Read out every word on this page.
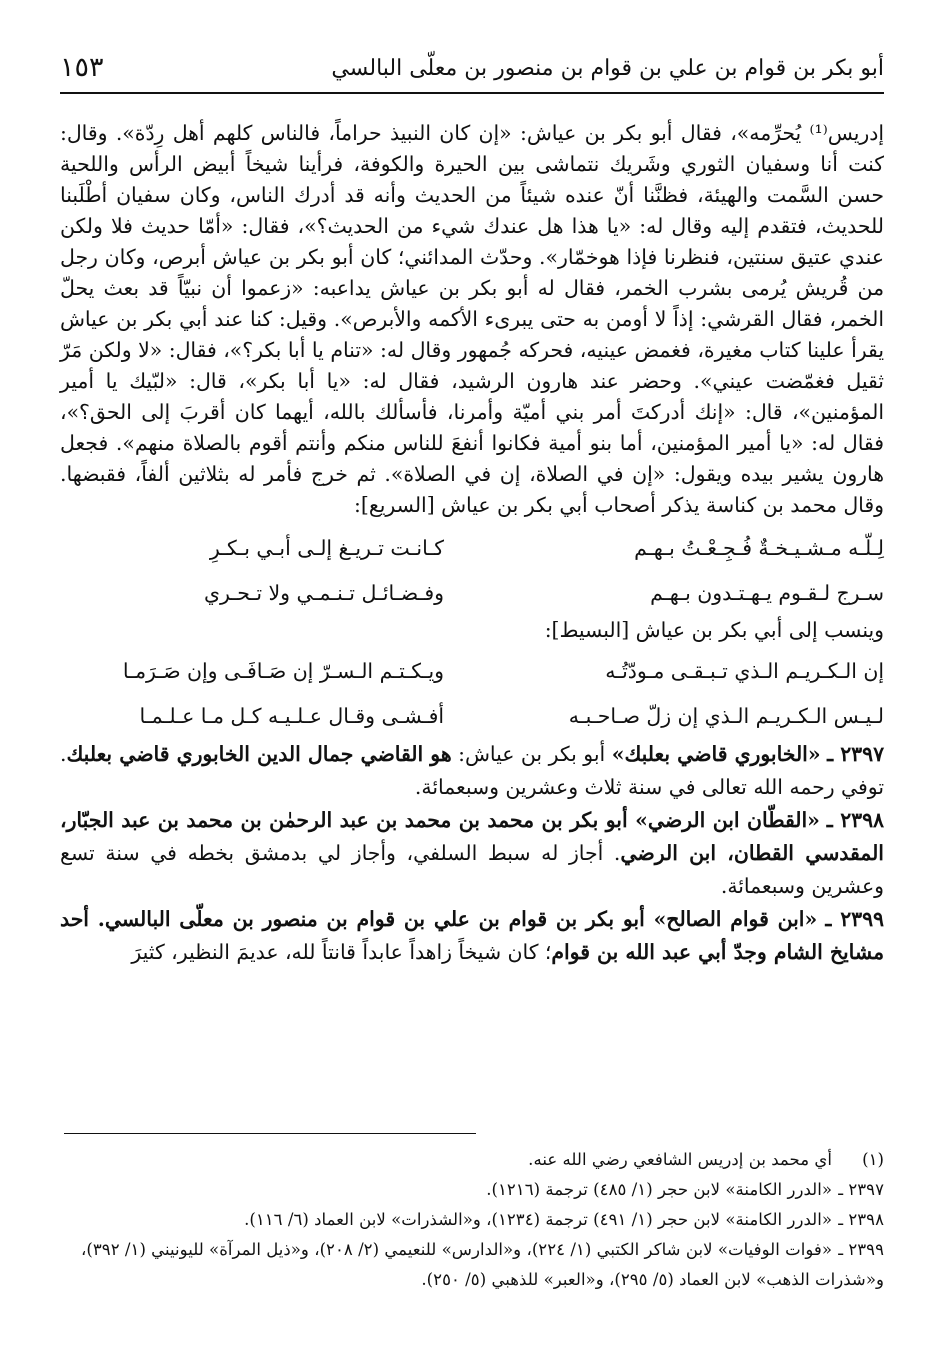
أبو بكر بن قوام بن علي بن قوام بن منصور بن معلّى البالسي
١٥٣

إدريس⁽¹⁾ يُحرِّمه»، فقال أبو بكر بن عياش: «إن كان النبيذ حراماً، فالناس كلهم أهل رِدّة». وقال: كنت أنا وسفيان الثوري وشَريك نتماشى بين الحيرة والكوفة، فرأينا شيخاً أبيض الرأس واللحية حسن السَّمت والهيئة، فظنَّنا أنّ عنده شيئاً من الحديث وأنه قد أدرك الناس، وكان سفيان أطْلَبنا للحديث، فتقدم إليه وقال له: «يا هذا هل عندك شيء من الحديث؟»، فقال: «أمّا حديث فلا ولكن عندي عتيق سنتين، فنظرنا فإذا هوخمّار». وحدّث المدائني؛ كان أبو بكر بن عياش أبرص، وكان رجل من قُريش يُرمى بشرب الخمر، فقال له أبو بكر بن عياش يداعبه: «زعموا أن نبيّاً قد بعث يحلّ الخمر، فقال القرشي: إذاً لا أومن به حتى يبرىء الأكمه والأبرص». وقيل: كنا عند أبي بكر بن عياش يقرأ علينا كتاب مغيرة، فغمض عينيه، فحركه جُمهور وقال له: «تنام يا أبا بكر؟»، فقال: «لا ولكن مَرّ ثقيل فغمّضت عيني». وحضر عند هارون الرشيد، فقال له: «يا أبا بكر»، قال: «لبّيك يا أمير المؤمنين»، قال: «إنك أدركتَ أمر بني أميّة وأمرنا، فأسألك بالله، أيهما كان أقربَ إلى الحق؟»، فقال له: «يا أمير المؤمنين، أما بنو أمية فكانوا أنفعَ للناس منكم وأنتم أقوم بالصلاة منهم». فجعل هارون يشير بيده ويقول: «إن في الصلاة، إن في الصلاة». ثم خرج فأمر له بثلاثين ألفاً، فقبضها. وقال محمد بن كناسة يذكر أصحاب أبي بكر بن عياش [السريع]:

لِـلّـه مـشـيـخـةٌ فُـجِـعْـتُ بـهـم
كـانـت تـريـغ إلـى أبـي بـكـرِ
سـرج لـقـوم يـهـتـدون بـهـم
وفـضـائـل تـنـمـي ولا تـحـري

وينسب إلى أبي بكر بن عياش [البسيط]:

إن الـكـريـم الـذي تـبـقـى مـودّتُـه
ويـكـتـم الـسـرّ إن صَـافَـى وإن صَـرَمـا
لـيـس الـكـريـم الـذي إن زلّ صـاحـبـه
أفـشـى وقـال عـلـيـه كـل مـا عـلـمـا

٢٣٩٧ ـ «الخابوري قاضي بعلبك» أبو بكر بن عياش: هو القاضي جمال الدين الخابوري قاضي بعلبك. توفي رحمه الله تعالى في سنة ثلاث وعشرين وسبعمائة.

٢٣٩٨ ـ «القطّان ابن الرضي» أبو بكر بن محمد بن محمد بن عبد الرحمٰن بن محمد بن عبد الجبّار، المقدسي القطان، ابن الرضي. أجاز له سبط السلفي، وأجاز لي بدمشق بخطه في سنة تسع وعشرين وسبعمائة.

٢٣٩٩ ـ «ابن قوام الصالح» أبو بكر بن قوام بن علي بن قوام بن منصور بن معلّى البالسي. أحد مشايخ الشام وجدّ أبي عبد الله بن قوام؛ كان شيخاً زاهداً عابداً قانتاً لله، عديمَ النظير، كثيرَ

(١)أي محمد بن إدريس الشافعي رضي الله عنه.

٢٣٩٧ ـ«الدرر الكامنة» لابن حجر (١/ ٤٨٥) ترجمة (١٢١٦).

٢٣٩٨ ـ«الدرر الكامنة» لابن حجر (١/ ٤٩١) ترجمة (١٢٣٤)، و«الشذرات» لابن العماد (٦/ ١١٦).

٢٣٩٩ ـ«فوات الوفيات» لابن شاكر الكتبي (١/ ٢٢٤)، و«الدارس» للنعيمي (٢/ ٢٠٨)، و«ذيل المرآة» لليونيني (١/ ٣٩٢)، و«شذرات الذهب» لابن العماد (٥/ ٢٩٥)، و«العبر» للذهبي (٥/ ٢٥٠).
